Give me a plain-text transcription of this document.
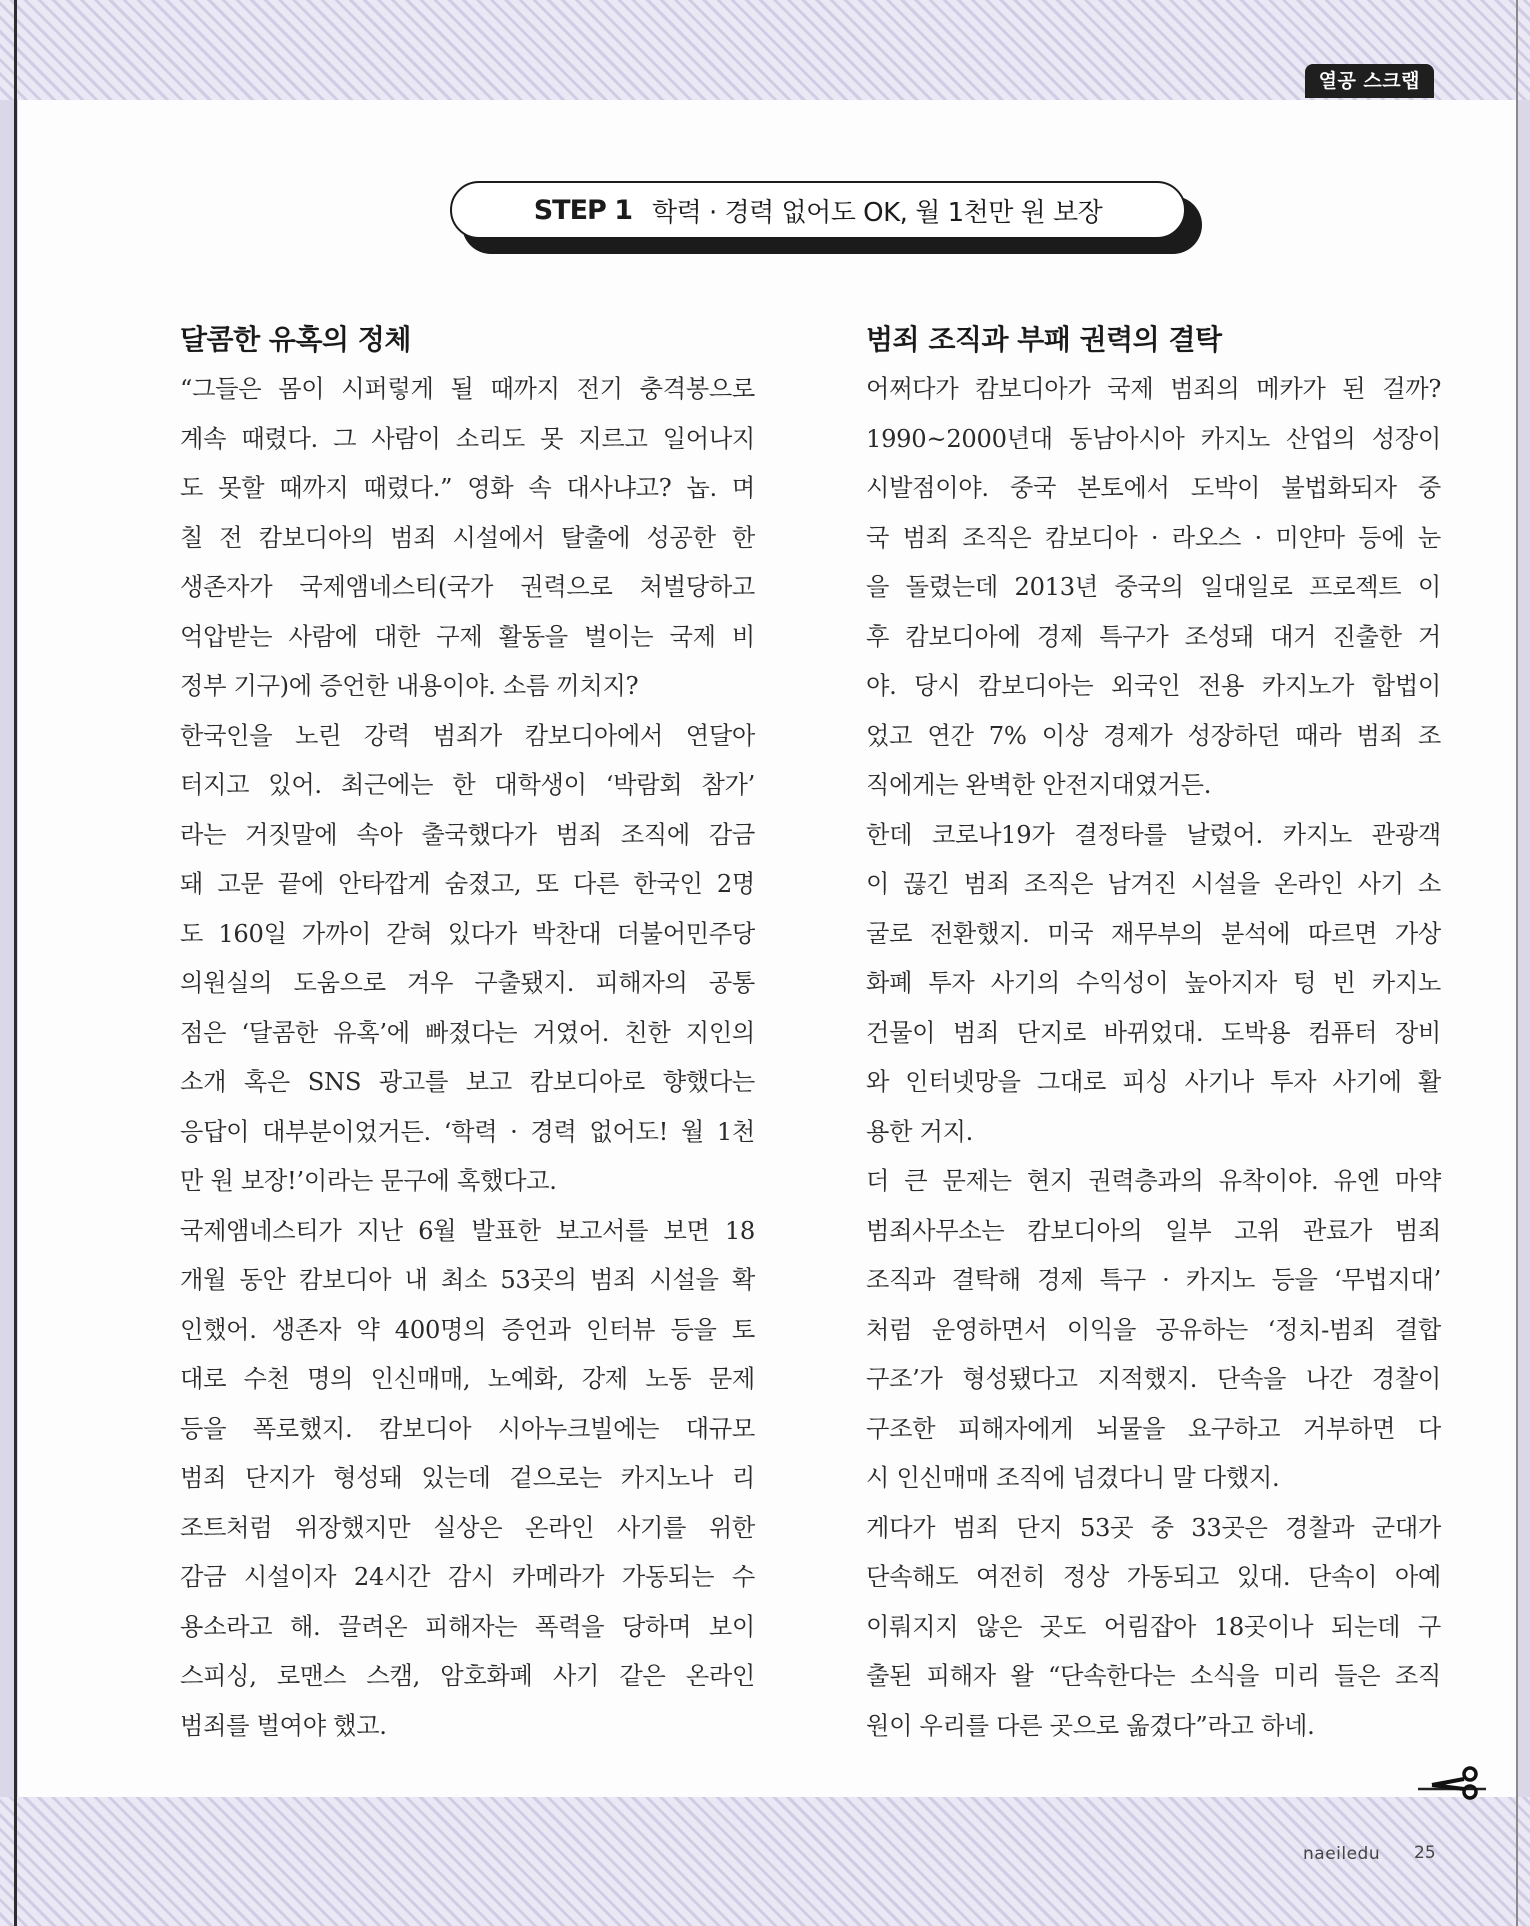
열공 스크랩
STEP 1 학력 · 경력 없어도 OK, 월 1천만 원 보장
달콤한 유혹의 정체
“그들은 몸이 시퍼렇게 될 때까지 전기 충격봉으로
계속 때렸다. 그 사람이 소리도 못 지르고 일어나지
도 못할 때까지 때렸다.” 영화 속 대사냐고? 놉. 며
칠 전 캄보디아의 범죄 시설에서 탈출에 성공한 한
생존자가 국제앰네스티(국가 권력으로 처벌당하고
억압받는 사람에 대한 구제 활동을 벌이는 국제 비
정부 기구)에 증언한 내용이야. 소름 끼치지?
한국인을 노린 강력 범죄가 캄보디아에서 연달아
터지고 있어. 최근에는 한 대학생이 ‘박람회 참가’
라는 거짓말에 속아 출국했다가 범죄 조직에 감금
돼 고문 끝에 안타깝게 숨졌고, 또 다른 한국인 2명
도 160일 가까이 갇혀 있다가 박찬대 더불어민주당
의원실의 도움으로 겨우 구출됐지. 피해자의 공통
점은 ‘달콤한 유혹’에 빠졌다는 거였어. 친한 지인의
소개 혹은 SNS 광고를 보고 캄보디아로 향했다는
응답이 대부분이었거든. ‘학력 · 경력 없어도! 월 1천
만 원 보장!’이라는 문구에 혹했다고.
국제앰네스티가 지난 6월 발표한 보고서를 보면 18
개월 동안 캄보디아 내 최소 53곳의 범죄 시설을 확
인했어. 생존자 약 400명의 증언과 인터뷰 등을 토
대로 수천 명의 인신매매, 노예화, 강제 노동 문제
등을 폭로했지. 캄보디아 시아누크빌에는 대규모
범죄 단지가 형성돼 있는데 겉으로는 카지노나 리
조트처럼 위장했지만 실상은 온라인 사기를 위한
감금 시설이자 24시간 감시 카메라가 가동되는 수
용소라고 해. 끌려온 피해자는 폭력을 당하며 보이
스피싱, 로맨스 스캠, 암호화폐 사기 같은 온라인
범죄를 벌여야 했고.
범죄 조직과 부패 권력의 결탁
어쩌다가 캄보디아가 국제 범죄의 메카가 된 걸까?
1990~2000년대 동남아시아 카지노 산업의 성장이
시발점이야. 중국 본토에서 도박이 불법화되자 중
국 범죄 조직은 캄보디아 · 라오스 · 미얀마 등에 눈
을 돌렸는데 2013년 중국의 일대일로 프로젝트 이
후 캄보디아에 경제 특구가 조성돼 대거 진출한 거
야. 당시 캄보디아는 외국인 전용 카지노가 합법이
었고 연간 7% 이상 경제가 성장하던 때라 범죄 조
직에게는 완벽한 안전지대였거든.
한데 코로나19가 결정타를 날렸어. 카지노 관광객
이 끊긴 범죄 조직은 남겨진 시설을 온라인 사기 소
굴로 전환했지. 미국 재무부의 분석에 따르면 가상
화폐 투자 사기의 수익성이 높아지자 텅 빈 카지노
건물이 범죄 단지로 바뀌었대. 도박용 컴퓨터 장비
와 인터넷망을 그대로 피싱 사기나 투자 사기에 활
용한 거지.
더 큰 문제는 현지 권력층과의 유착이야. 유엔 마약
범죄사무소는 캄보디아의 일부 고위 관료가 범죄
조직과 결탁해 경제 특구 · 카지노 등을 ‘무법지대’
처럼 운영하면서 이익을 공유하는 ‘정치-범죄 결합
구조’가 형성됐다고 지적했지. 단속을 나간 경찰이
구조한 피해자에게 뇌물을 요구하고 거부하면 다
시 인신매매 조직에 넘겼다니 말 다했지.
게다가 범죄 단지 53곳 중 33곳은 경찰과 군대가
단속해도 여전히 정상 가동되고 있대. 단속이 아예
이뤄지지 않은 곳도 어림잡아 18곳이나 되는데 구
출된 피해자 왈 “단속한다는 소식을 미리 들은 조직
원이 우리를 다른 곳으로 옮겼다”라고 하네.
naeiledu 25
